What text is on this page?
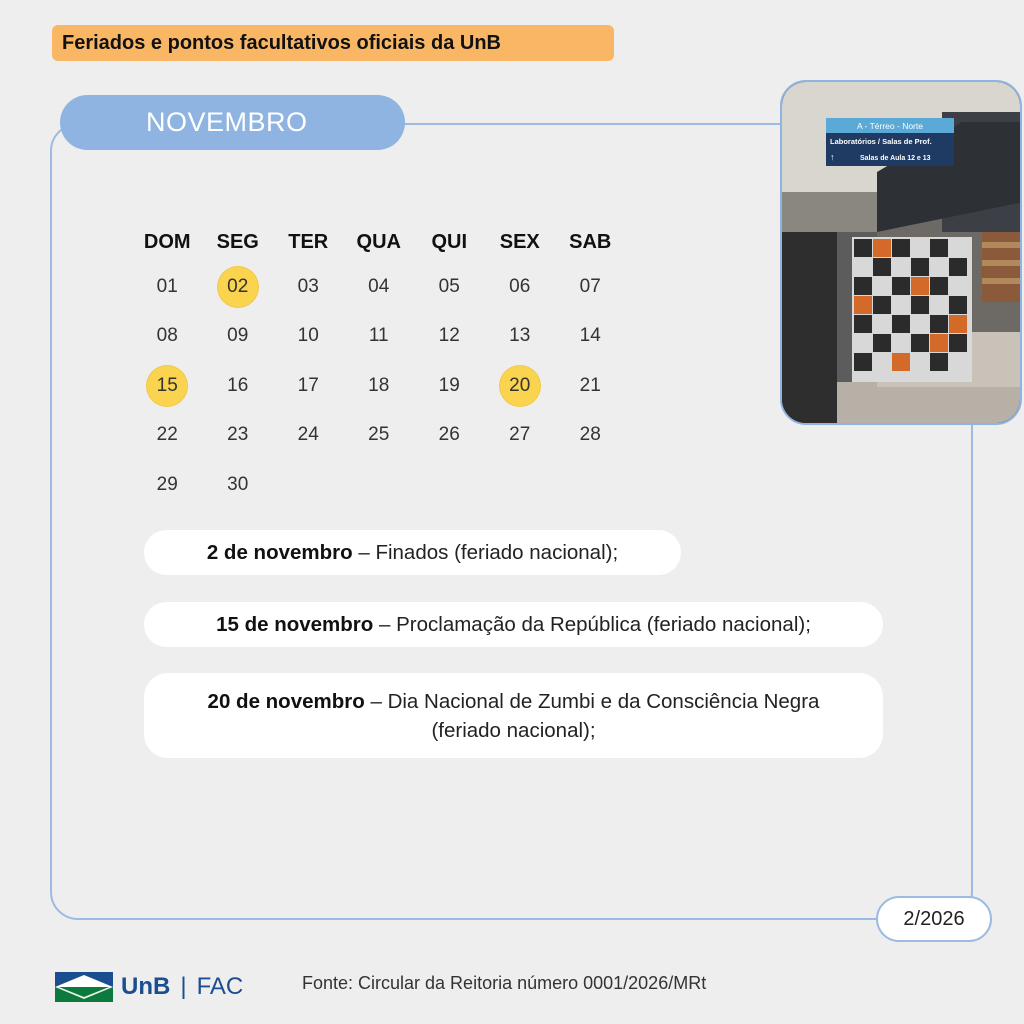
Feriados e pontos facultativos oficiais da UnB
NOVEMBRO	A - Térreo - Norte
Laboratórios / Salas de Prof.
↑	Salas de Aula 12 e 13
DOM	SEG	TER	QUA	QUI	SEX	SAB
01	02	03	04	05	06	07
08	09	10	11	12	13	14
15	16	17	18	19	20	21
22	23	24	25	26	27	28
29	30
2 de novembro – Finados (feriado nacional);
15 de novembro – Proclamação da República (feriado nacional);
20 de novembro – Dia Nacional de Zumbi e da Consciência Negra
(feriado nacional);
2/2026
UnB | FAC	Fonte: Circular da Reitoria número 0001/2026/MRt
